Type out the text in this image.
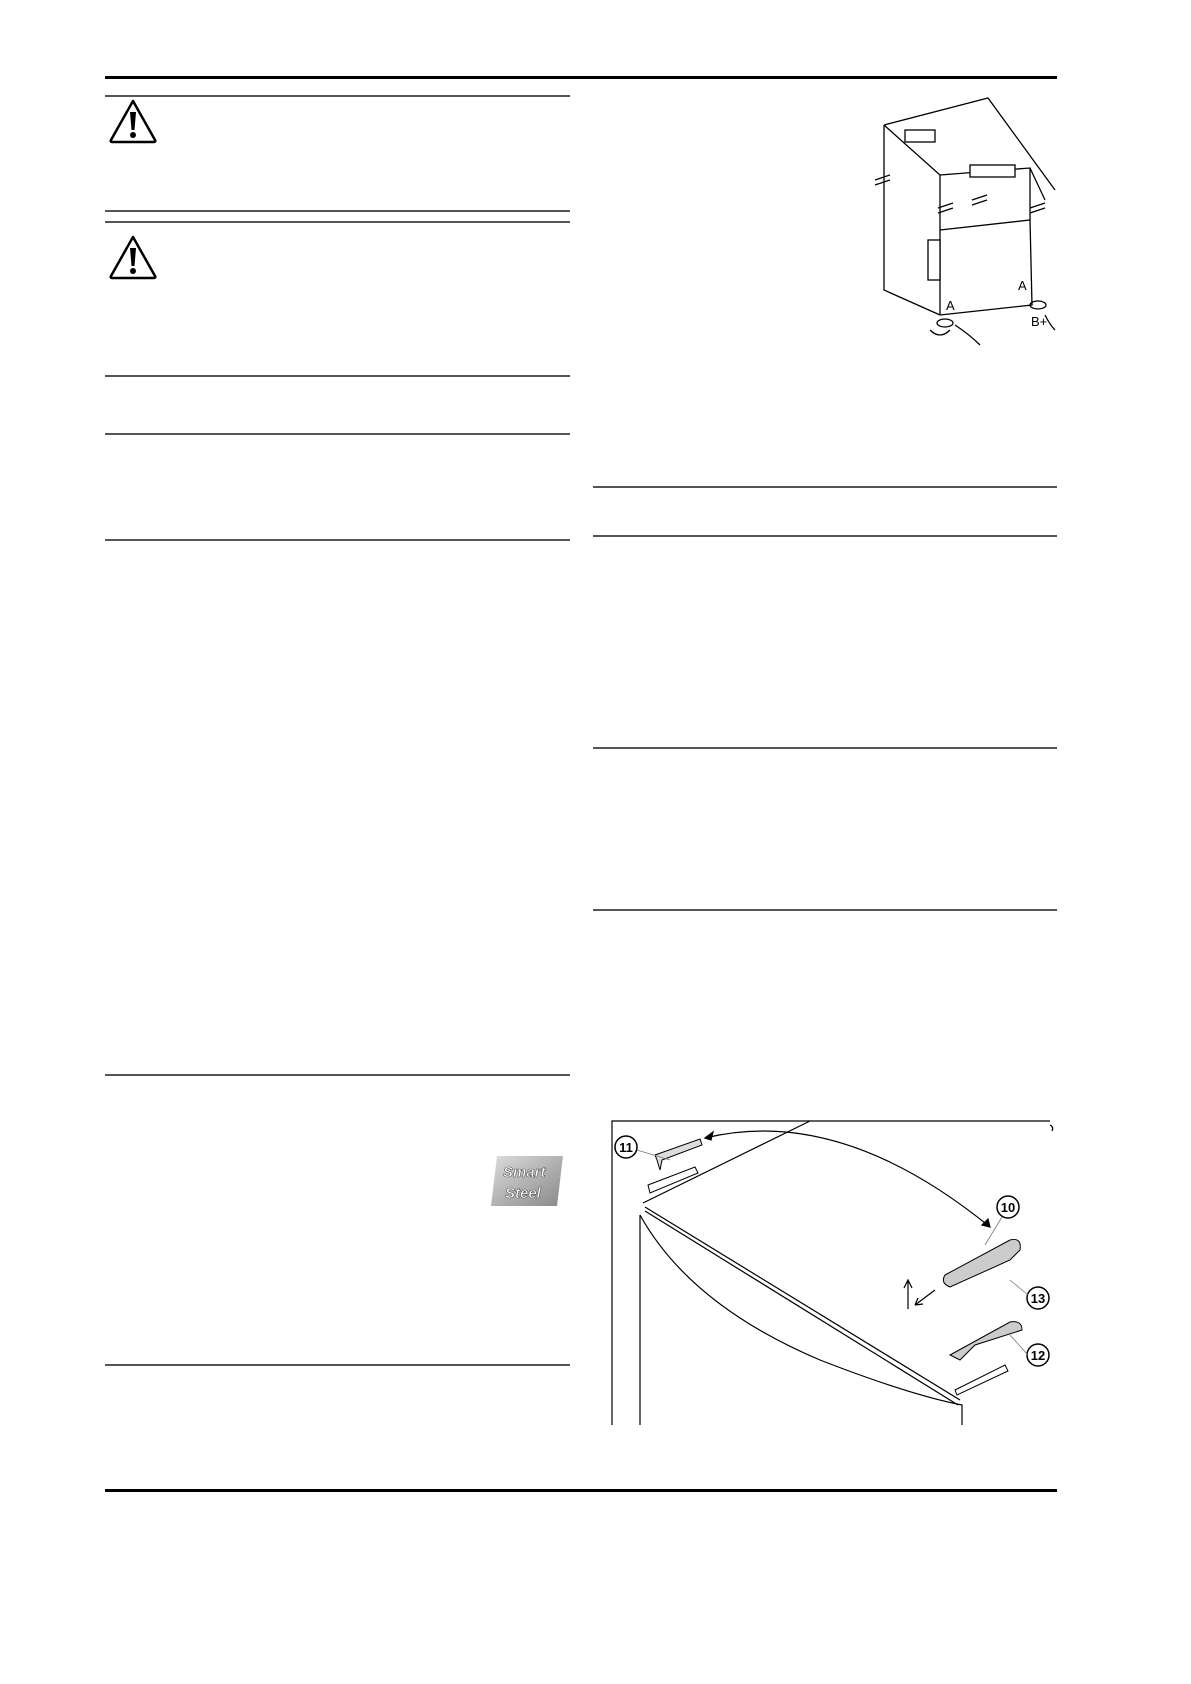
A
A
B+
Smart
Steel
11
10
13
12
